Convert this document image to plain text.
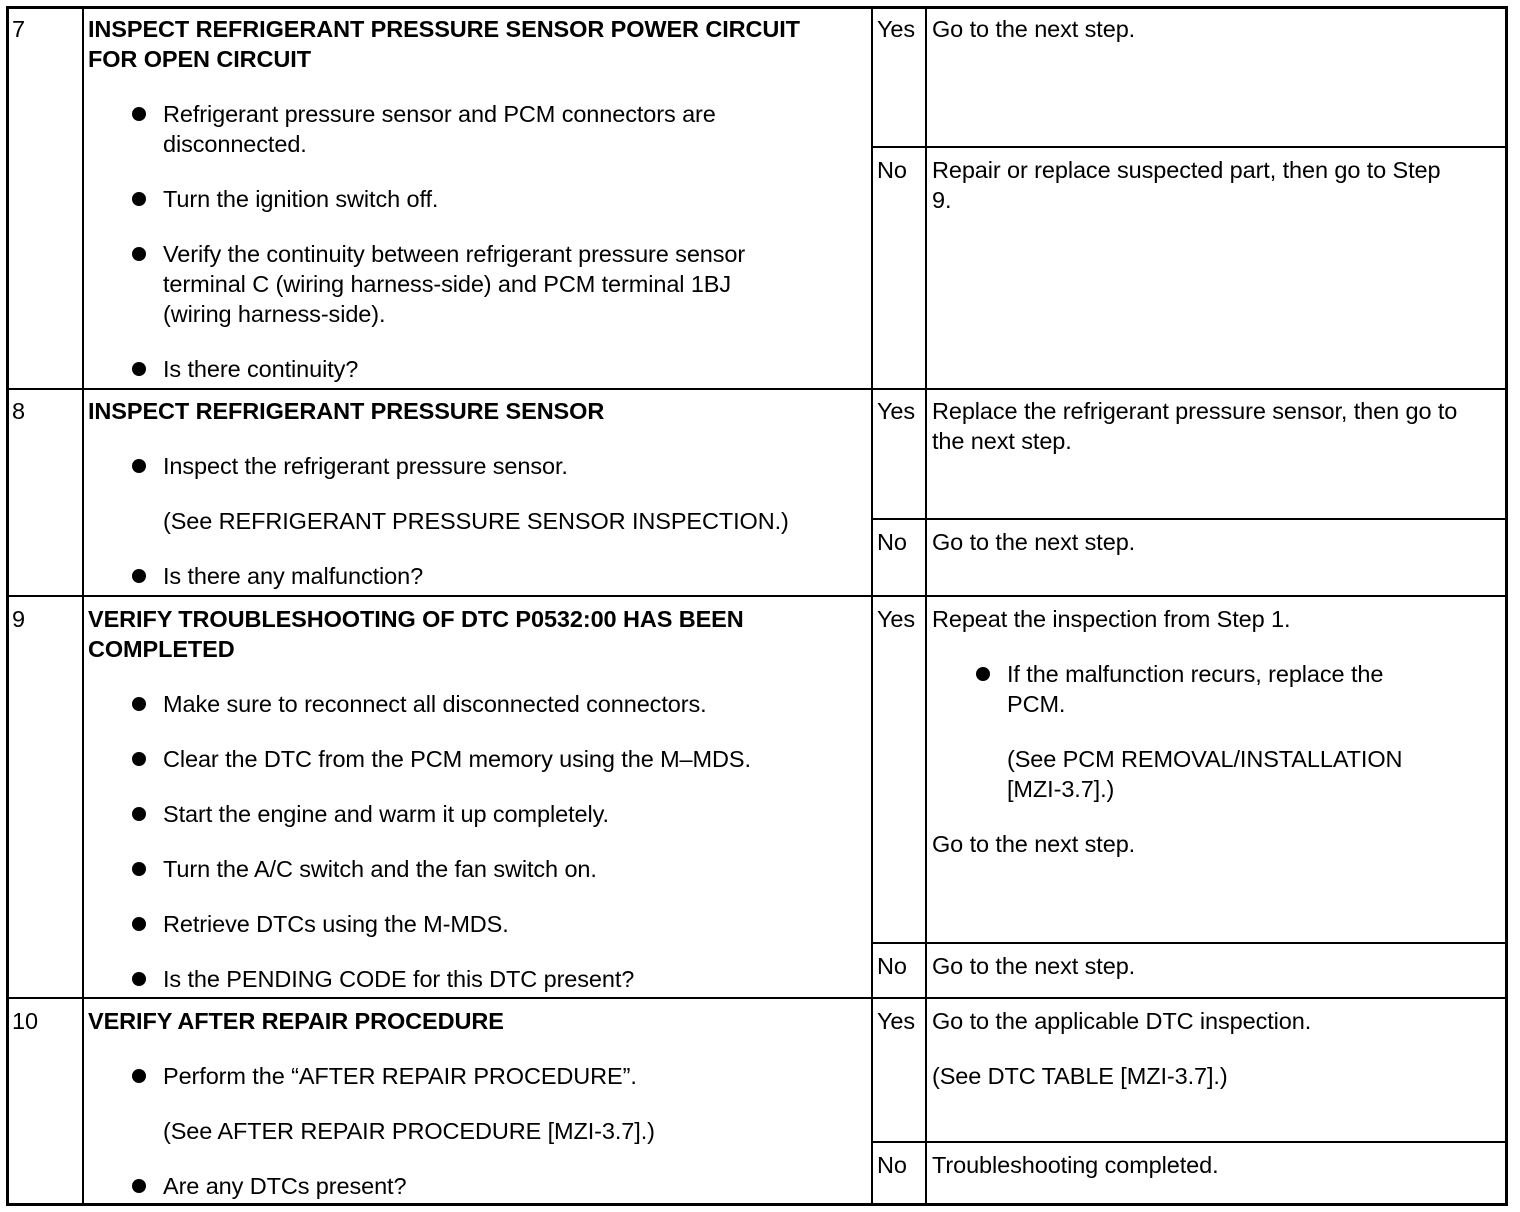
7	INSPECT REFRIGERANT PRESSURE SENSOR POWER CIRCUIT
FOR OPEN CIRCUIT
Refrigerant pressure sensor and PCM connectors are
disconnected.
Turn the ignition switch off.
Verify the continuity between refrigerant pressure sensor
terminal C (wiring harness-side) and PCM terminal 1BJ
(wiring harness-side).
Is there continuity?
Yes Go to the next step.
No Repair or replace suspected part, then go to Step
9.
8	INSPECT REFRIGERANT PRESSURE SENSOR
Inspect the refrigerant pressure sensor.
(See REFRIGERANT PRESSURE SENSOR INSPECTION.)
Is there any malfunction?
Yes Replace the refrigerant pressure sensor, then go to
the next step.
No Go to the next step.
9	VERIFY TROUBLESHOOTING OF DTC P0532:00 HAS BEEN
COMPLETED
Make sure to reconnect all disconnected connectors.
Clear the DTC from the PCM memory using the M–MDS.
Start the engine and warm it up completely.
Turn the A/C switch and the fan switch on.
Retrieve DTCs using the M-MDS.
Is the PENDING CODE for this DTC present?
Yes Repeat the inspection from Step 1.
If the malfunction recurs, replace the
PCM.
(See PCM REMOVAL/INSTALLATION
[MZI-3.7].)
Go to the next step.
No Go to the next step.
10 VERIFY AFTER REPAIR PROCEDURE
Perform the “AFTER REPAIR PROCEDURE”.
(See AFTER REPAIR PROCEDURE [MZI-3.7].)
Are any DTCs present?
Yes Go to the applicable DTC inspection.
(See DTC TABLE [MZI-3.7].)
No Troubleshooting completed.
